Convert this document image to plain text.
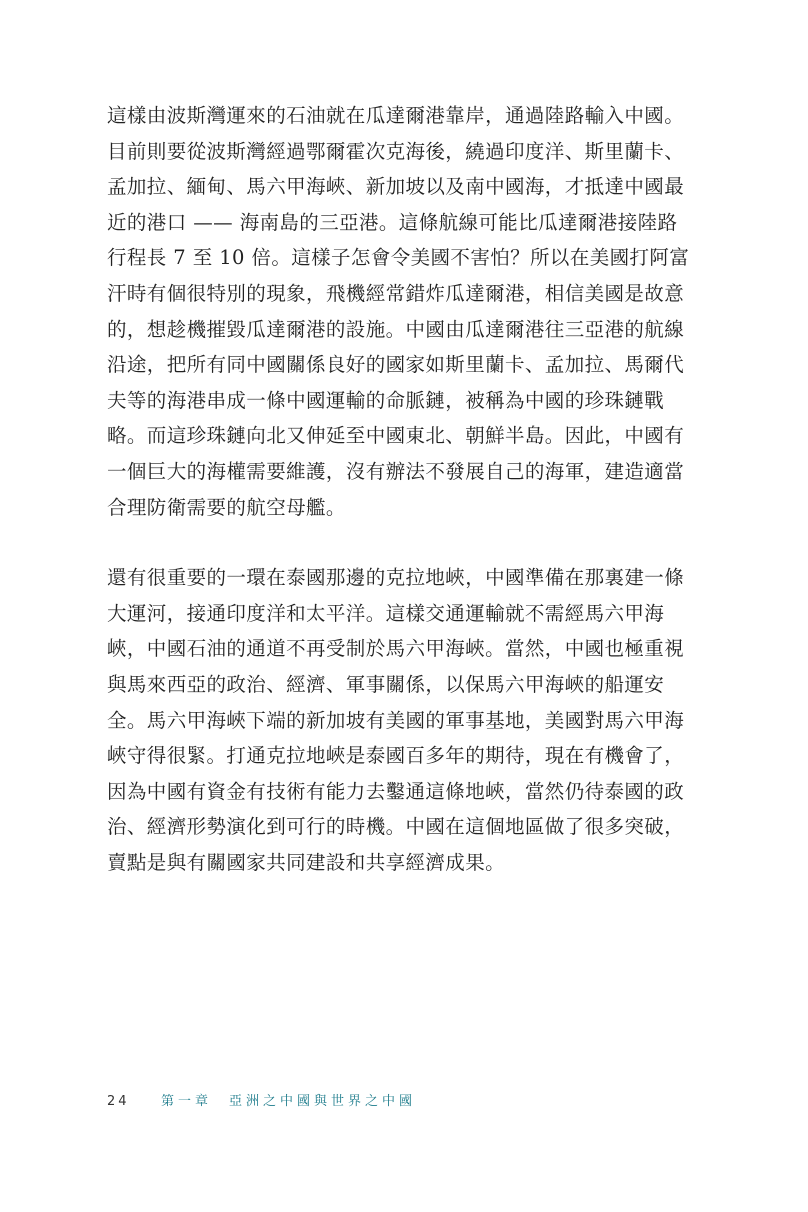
這樣由波斯灣運來的石油就在瓜達爾港靠岸，通過陸路輸入中國。
目前則要從波斯灣經過鄂爾霍次克海後，繞過印度洋、斯里蘭卡、
孟加拉、緬甸、馬六甲海峽、新加坡以及南中國海，才抵達中國最
近的港口 —— 海南島的三亞港。這條航線可能比瓜達爾港接陸路
行程長 7 至 10 倍。這樣子怎會令美國不害怕？所以在美國打阿富
汗時有個很特別的現象，飛機經常錯炸瓜達爾港，相信美國是故意
的，想趁機摧毀瓜達爾港的設施。中國由瓜達爾港往三亞港的航線
沿途，把所有同中國關係良好的國家如斯里蘭卡、孟加拉、馬爾代
夫等的海港串成一條中國運輸的命脈鏈，被稱為中國的珍珠鏈戰
略。而這珍珠鏈向北又伸延至中國東北、朝鮮半島。因此，中國有
一個巨大的海權需要維護，沒有辦法不發展自己的海軍，建造適當
合理防衛需要的航空母艦。

還有很重要的一環在泰國那邊的克拉地峽，中國準備在那裏建一條
大運河，接通印度洋和太平洋。這樣交通運輸就不需經馬六甲海
峽，中國石油的通道不再受制於馬六甲海峽。當然，中國也極重視
與馬來西亞的政治、經濟、軍事關係，以保馬六甲海峽的船運安
全。馬六甲海峽下端的新加坡有美國的軍事基地，美國對馬六甲海
峽守得很緊。打通克拉地峽是泰國百多年的期待，現在有機會了，
因為中國有資金有技術有能力去鑿通這條地峽，當然仍待泰國的政
治、經濟形勢演化到可行的時機。中國在這個地區做了很多突破，
賣點是與有關國家共同建設和共享經濟成果。

24	第一章　亞洲之中國與世界之中國
